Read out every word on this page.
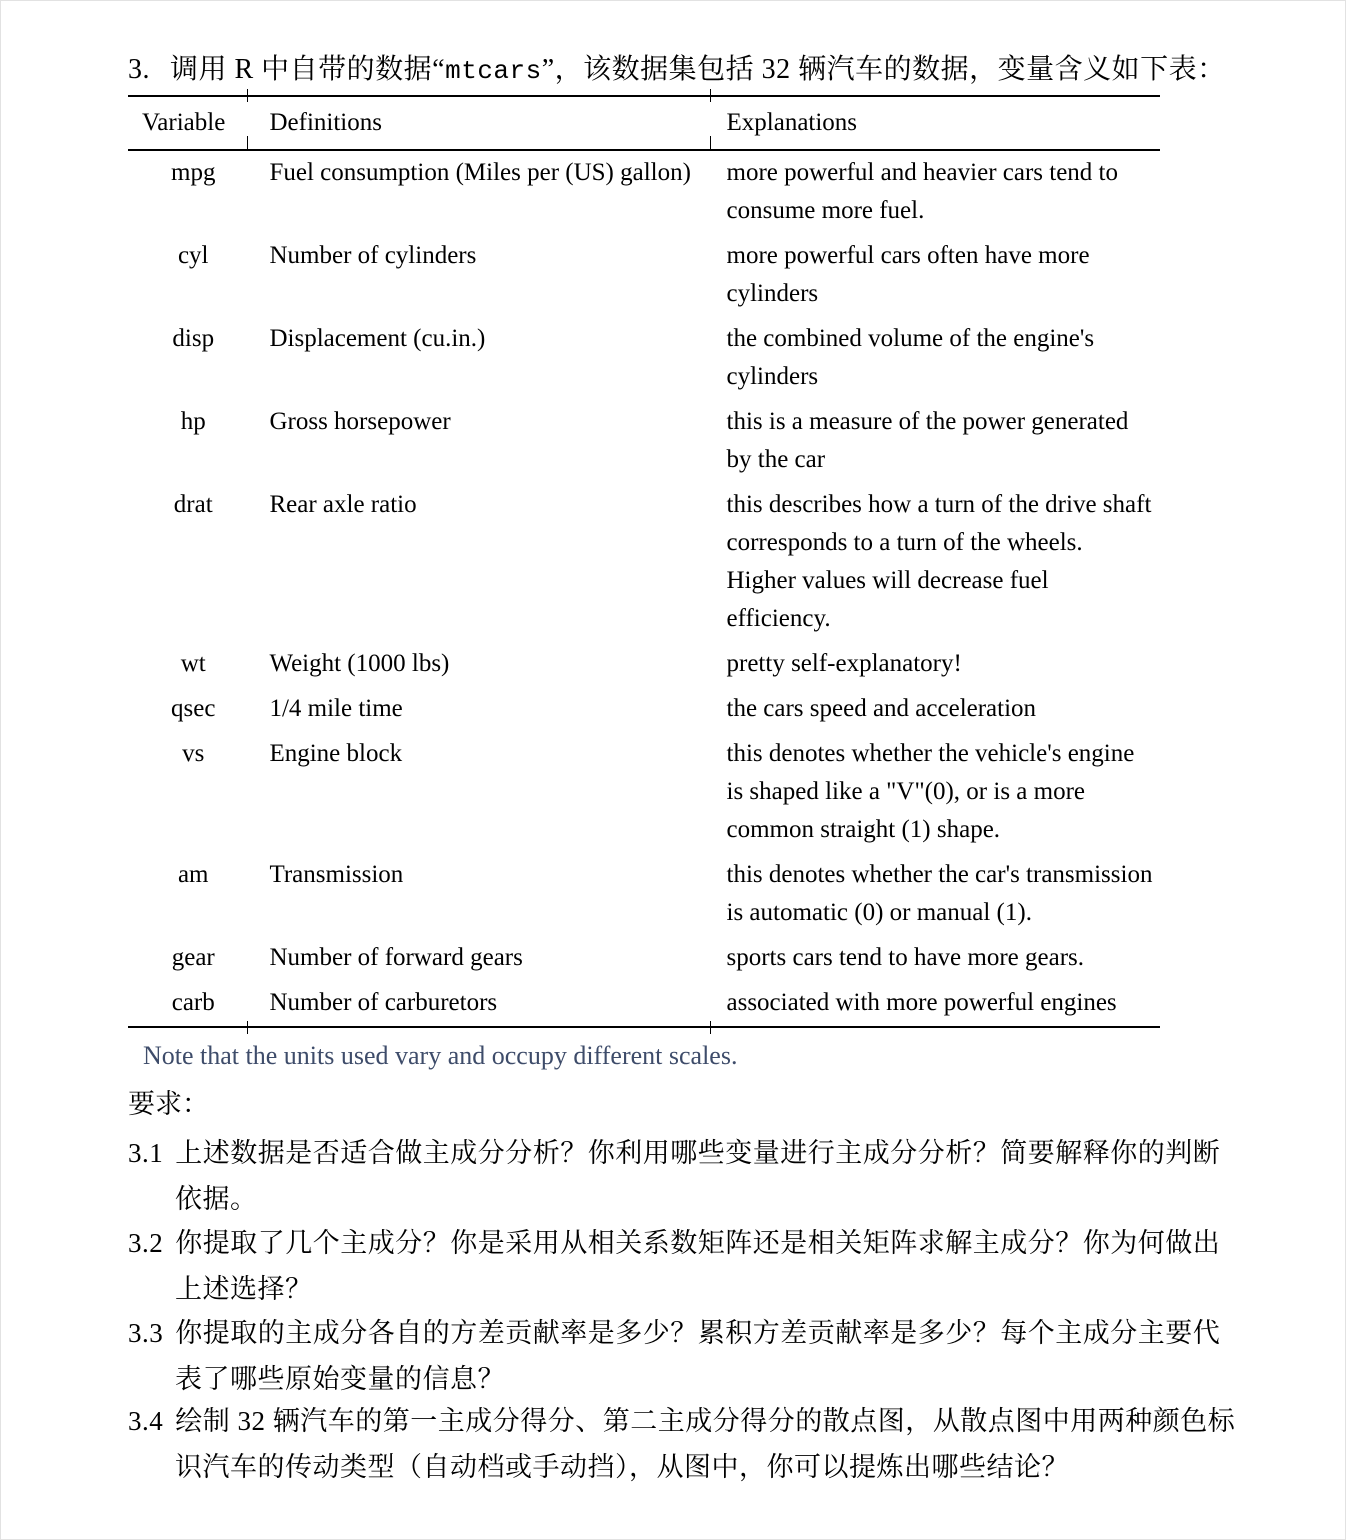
3. 调用 R 中自带的数据“mtcars”，该数据集包括 32 辆汽车的数据，变量含义如下表：
Variable	Definitions	Explanations
mpg	Fuel consumption (Miles per (US) gallon)	more powerful and heavier cars tend to consume more fuel.
cyl	Number of cylinders	more powerful cars often have more cylinders
disp	Displacement (cu.in.)	the combined volume of the engine's cylinders
hp	Gross horsepower	this is a measure of the power generated by the car
drat	Rear axle ratio	this describes how a turn of the drive shaft corresponds to a turn of the wheels. Higher values will decrease fuel efficiency.
wt	Weight (1000 lbs)	pretty self-explanatory!
qsec	1/4 mile time	the cars speed and acceleration
vs	Engine block	this denotes whether the vehicle's engine is shaped like a "V"(0), or is a more common straight (1) shape.
am	Transmission	this denotes whether the car's transmission is automatic (0) or manual (1).
gear	Number of forward gears	sports cars tend to have more gears.
carb	Number of carburetors	associated with more powerful engines
Note that the units used vary and occupy different scales.
要求：
3.1 上述数据是否适合做主成分分析？你利用哪些变量进行主成分分析？简要解释你的判断依据。
3.2 你提取了几个主成分？你是采用从相关系数矩阵还是相关矩阵求解主成分？你为何做出上述选择？
3.3 你提取的主成分各自的方差贡献率是多少？累积方差贡献率是多少？每个主成分主要代表了哪些原始变量的信息？
3.4 绘制 32 辆汽车的第一主成分得分、第二主成分得分的散点图，从散点图中用两种颜色标识汽车的传动类型（自动档或手动挡），从图中，你可以提炼出哪些结论？
